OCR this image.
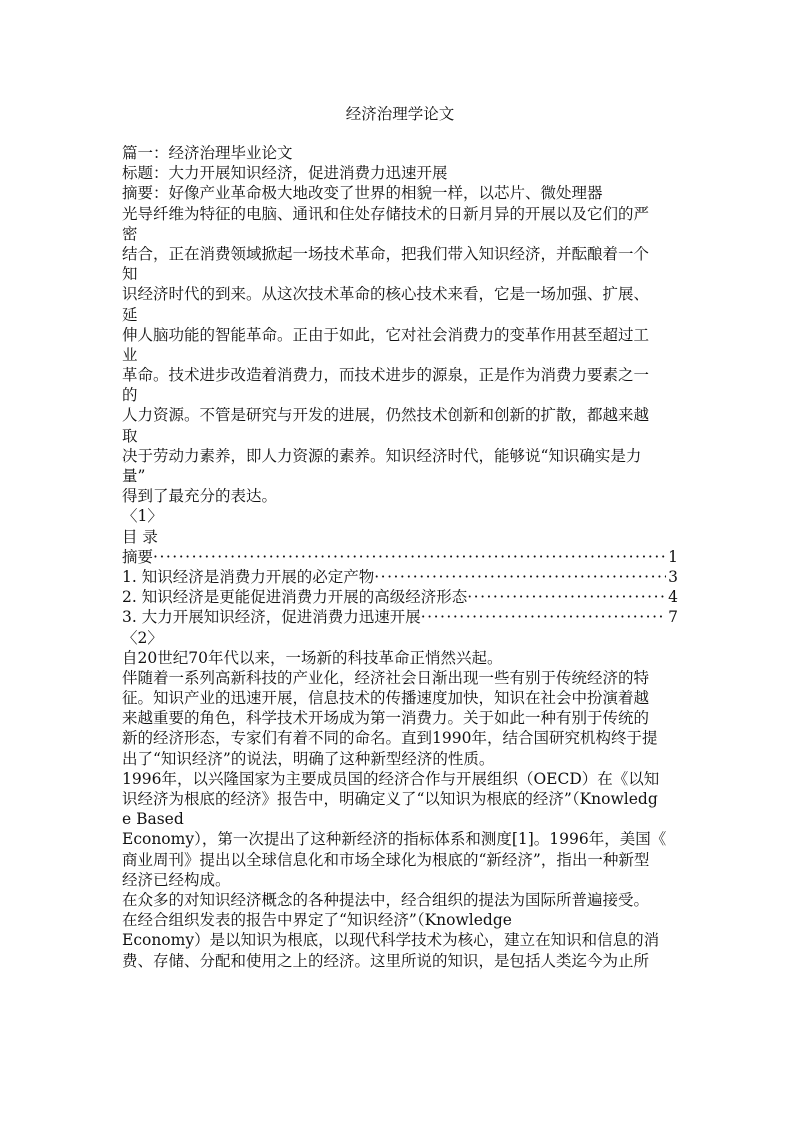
经济治理学论文
篇一：经济治理毕业论文
标题：大力开展知识经济，促进消费力迅速开展
摘要：好像产业革命极大地改变了世界的相貌一样，以芯片、微处理器
光导纤维为特征的电脑、通讯和住处存储技术的日新月异的开展以及它们的严
密
结合，正在消费领域掀起一场技术革命，把我们带入知识经济，并酝酿着一个
知
识经济时代的到来。从这次技术革命的核心技术来看，它是一场加强、扩展、
延
伸人脑功能的智能革命。正由于如此，它对社会消费力的变革作用甚至超过工
业
革命。技术进步改造着消费力，而技术进步的源泉，正是作为消费力要素之一
的
人力资源。不管是研究与开发的进展，仍然技术创新和创新的扩散，都越来越
取
决于劳动力素养，即人力资源的素养。知识经济时代，能够说“知识确实是力
量”
得到了最充分的表达。
〈1〉
目 录
摘要 ·····	1
1. 知识经济是消费力开展的必定产物 ·····	3
2. 知识经济是更能促进消费力开展的高级经济形态 ·····	4
3. 大力开展知识经济，促进消费力迅速开展 ·····	7
〈2〉
自20世纪70年代以来，一场新的科技革命正悄然兴起。
伴随着一系列高新科技的产业化，经济社会日渐出现一些有别于传统经济的特
征。知识产业的迅速开展，信息技术的传播速度加快，知识在社会中扮演着越
来越重要的角色，科学技术开场成为第一消费力。关于如此一种有别于传统的
新的经济形态，专家们有着不同的命名。直到1990年，结合国研究机构终于提
出了“知识经济”的说法，明确了这种新型经济的性质。
1996年，以兴隆国家为主要成员国的经济合作与开展组织（OECD）在《以知
识经济为根底的经济》报告中，明确定义了“以知识为根底的经济”（Knowledg
e Based
Economy），第一次提出了这种新经济的指标体系和测度[1]。1996年，美国《
商业周刊》提出以全球信息化和市场全球化为根底的“新经济”，指出一种新型
经济已经构成。
在众多的对知识经济概念的各种提法中，经合组织的提法为国际所普遍接受。
在经合组织发表的报告中界定了“知识经济”（Knowledge
Economy）是以知识为根底，以现代科学技术为核心，建立在知识和信息的消
费、存储、分配和使用之上的经济。这里所说的知识，是包括人类迄今为止所
